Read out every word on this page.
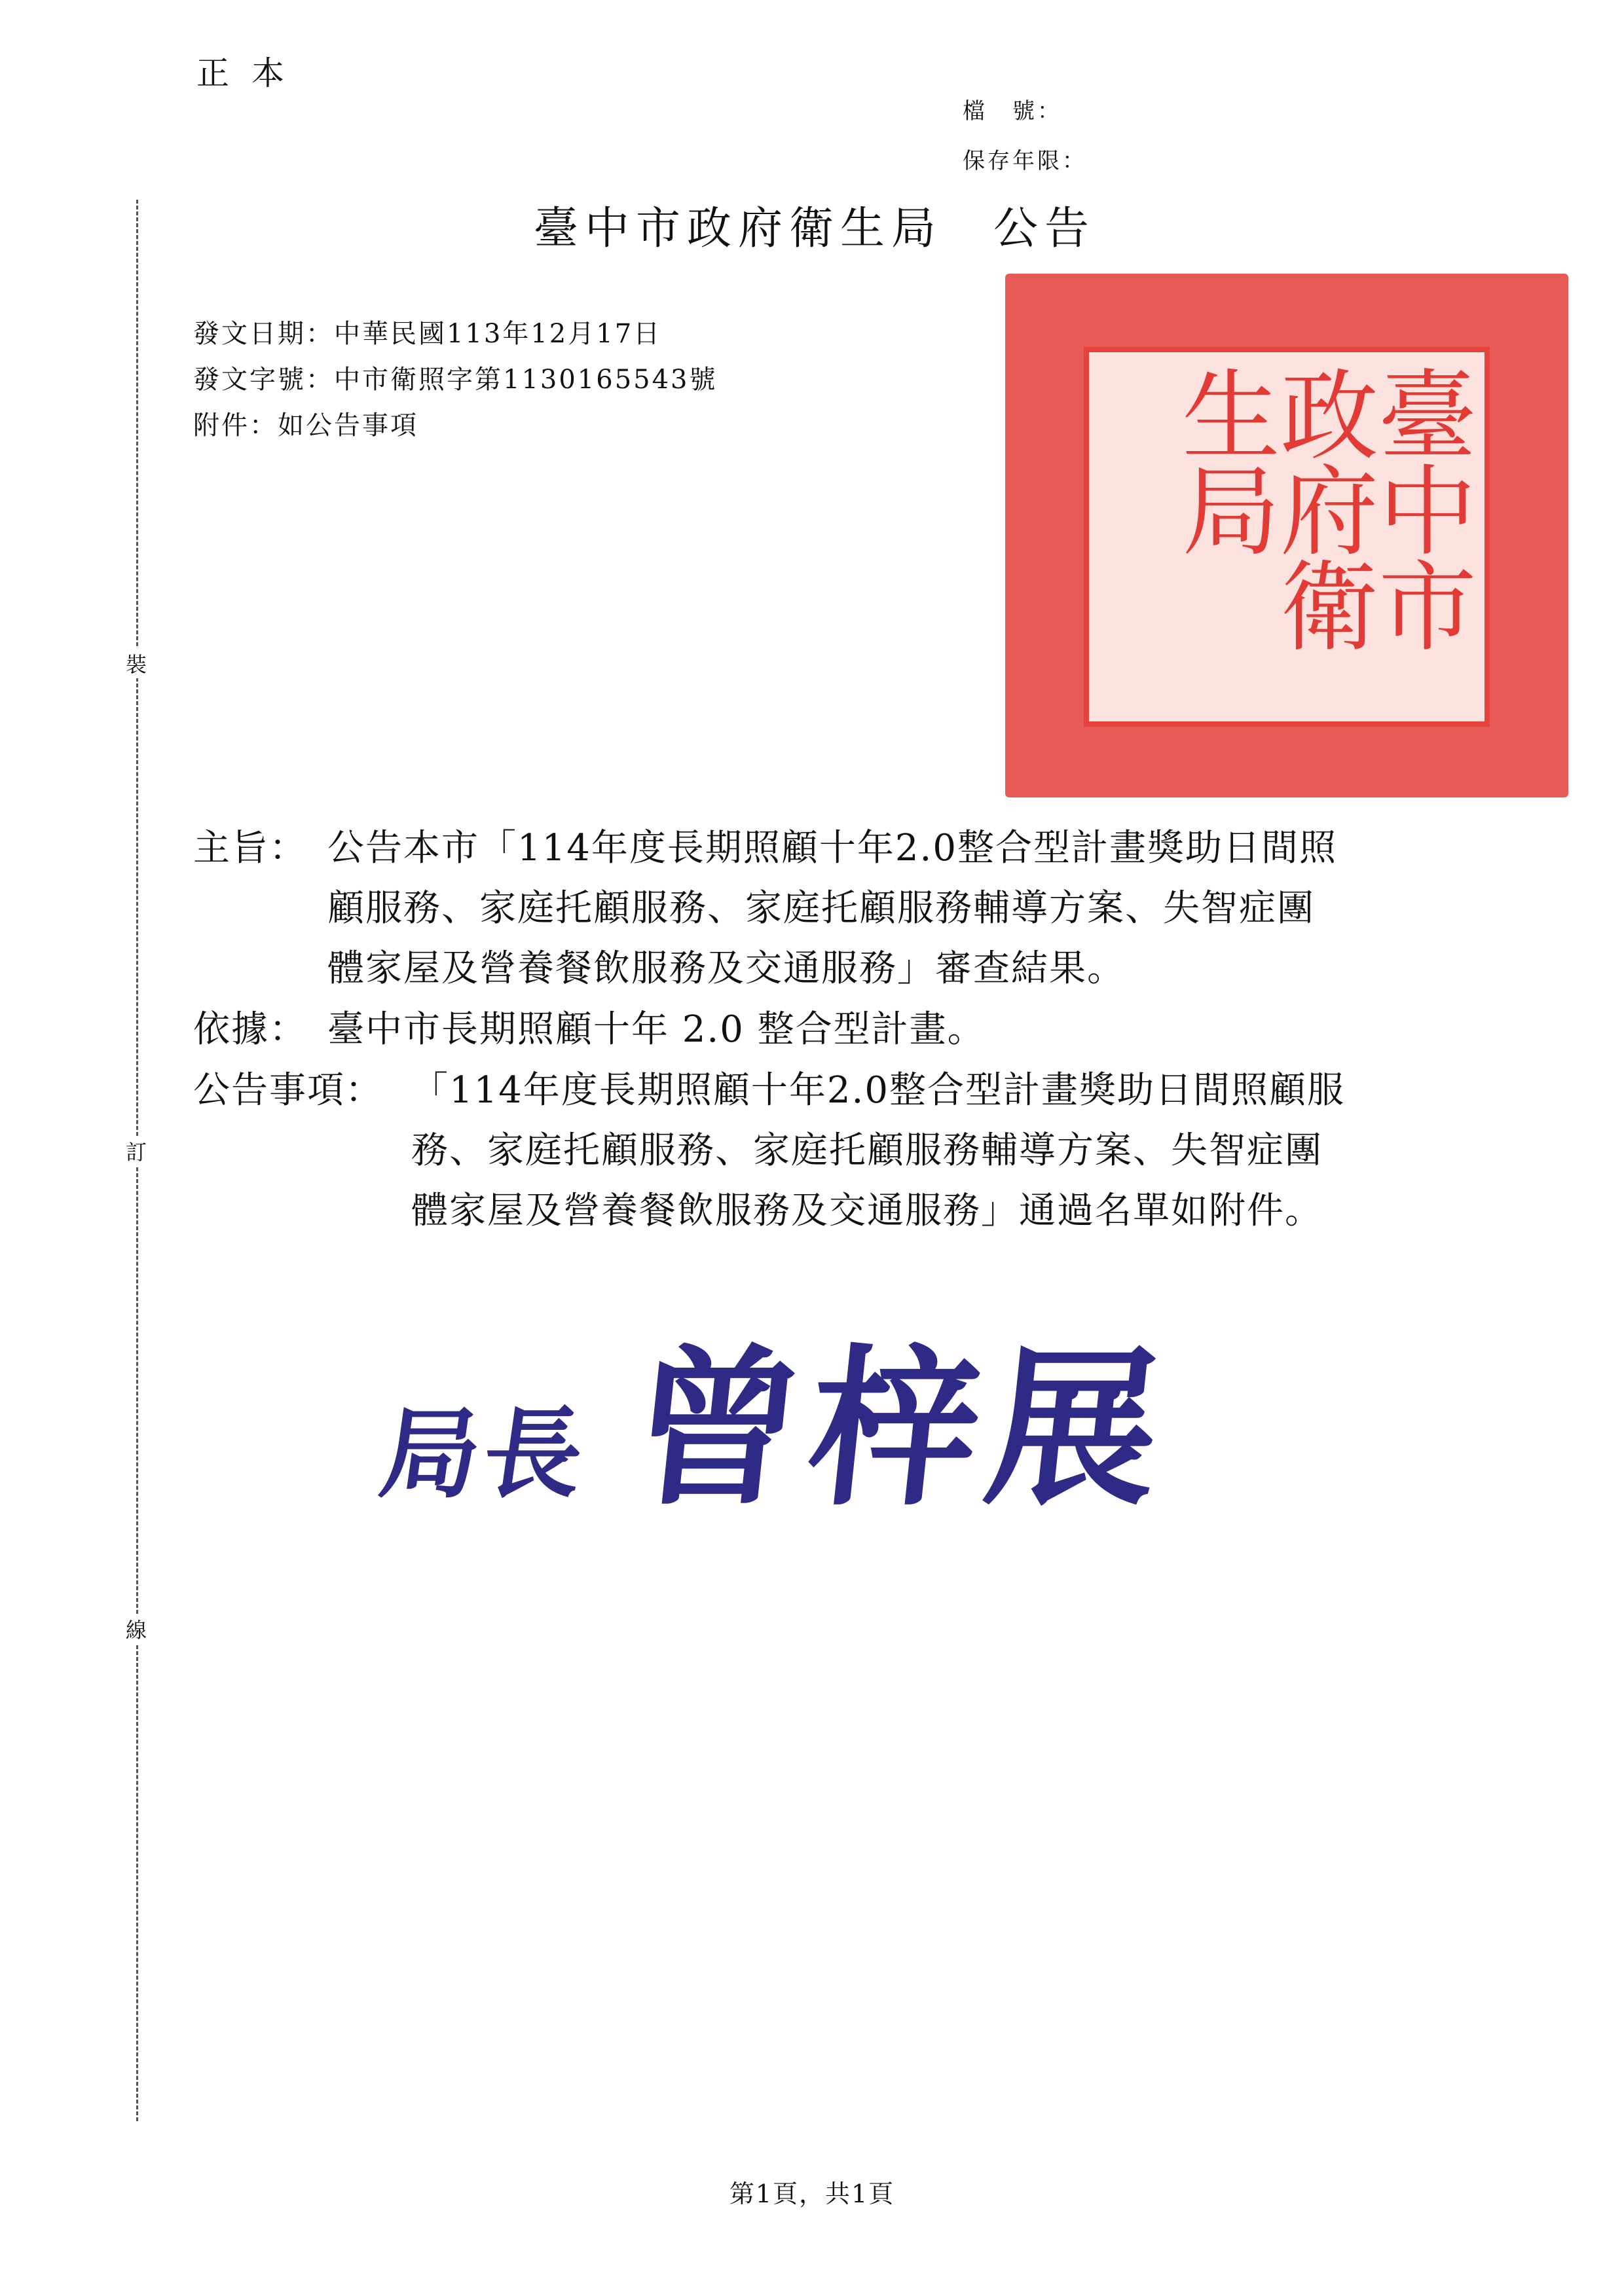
正本
檔　號：
保存年限：
臺中市政府衛生局　公告
發文日期：中華民國113年12月17日
發文字號：中市衛照字第1130165543號
附件：如公告事項
裝
訂
線
臺中市政府衛生局
主旨： 公告本市「114年度長期照顧十年2.0整合型計畫獎助日間照
顧服務、家庭托顧服務、家庭托顧服務輔導方案、失智症團
體家屋及營養餐飲服務及交通服務」審查結果。
依據： 臺中市長期照顧十年 2.0 整合型計畫。
公告事項： 「114年度長期照顧十年2.0整合型計畫獎助日間照顧服
務、家庭托顧服務、家庭托顧服務輔導方案、失智症團
體家屋及營養餐飲服務及交通服務」通過名單如附件。
局長 曾梓展
第1頁，共1頁
